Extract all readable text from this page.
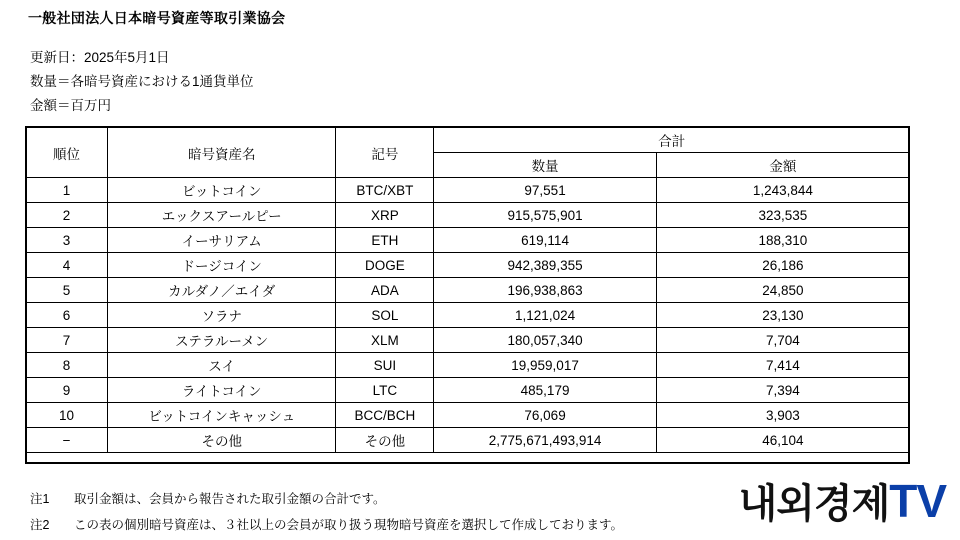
一般社団法人日本暗号資産等取引業協会
更新日：2025年5月1日
数量＝各暗号資産における1通貨単位
金額＝百万円
順位	暗号資産名	記号	合計	
			数量	金額
1	ビットコイン	BTC/XBT	97,551	1,243,844
2	エックスアールピー	XRP	915,575,901	323,535
3	イーサリアム	ETH	619,114	188,310
4	ドージコイン	DOGE	942,389,355	26,186
5	カルダノ／エイダ	ADA	196,938,863	24,850
6	ソラナ	SOL	1,121,024	23,130
7	ステラルーメン	XLM	180,057,340	7,704
8	スイ	SUI	19,959,017	7,414
9	ライトコイン	LTC	485,179	7,394
10	ビットコインキャッシュ	BCC/BCH	76,069	3,903
−	その他	その他	2,775,671,493,914	46,104
注1 取引金額は、会員から報告された取引金額の合計です。
注2 この表の個別暗号資産は、３社以上の会員が取り扱う現物暗号資産を選択して作成しております。	내외경제TV
